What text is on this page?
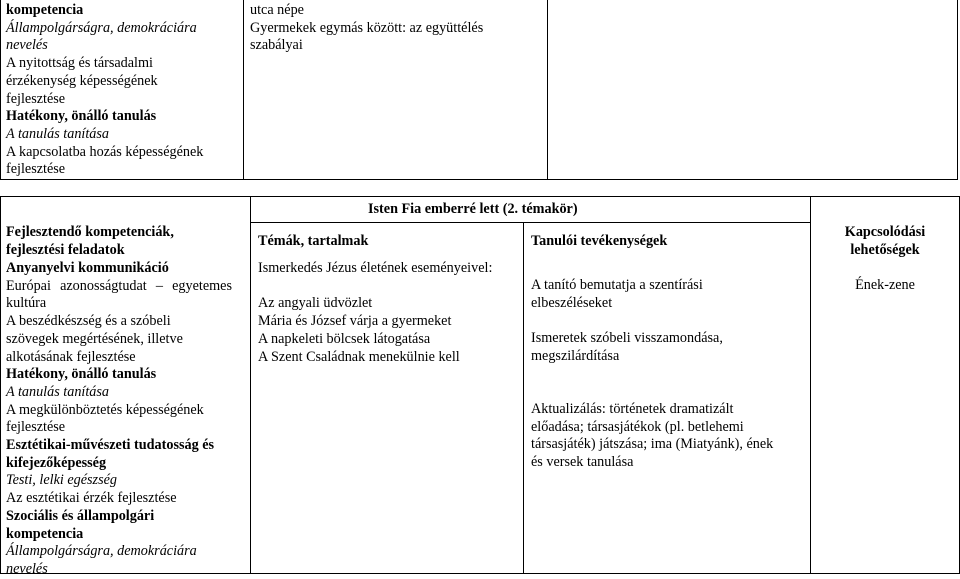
kompetencia
Állampolgárságra, demokráciára
nevelés
A nyitottság és társadalmi
érzékenység képességének
fejlesztése
Hatékony, önálló tanulás
A tanulás tanítása
A kapcsolatba hozás képességének
fejlesztése
utca népe
Gyermekek egymás között: az együttélés
szabályai
Isten Fia emberré lett (2. témakör)
Fejlesztendő kompetenciák,
fejlesztési feladatok
Témák, tartalmak	Tanulói tevékenységek
Kapcsolódási
lehetőségek
Anyanyelvi kommunikáció
Európai azonosságtudat – egyetemes
kultúra
A beszédkészség és a szóbeli
szövegek megértésének, illetve
alkotásának fejlesztése
Hatékony, önálló tanulás
A tanulás tanítása
A megkülönböztetés képességének
fejlesztése
Esztétikai-művészeti tudatosság és
kifejezőképesség
Testi, lelki egészség
Az esztétikai érzék fejlesztése
Szociális és állampolgári
kompetencia
Állampolgárságra, demokráciára
nevelés
Ismerkedés Jézus életének eseményeivel:
Az angyali üdvözlet
Mária és József várja a gyermeket
A napkeleti bölcsek látogatása
A Szent Családnak menekülnie kell
A tanító bemutatja a szentírási
elbeszéléseket
Ismeretek szóbeli visszamondása,
megszilárdítása
Aktualizálás: történetek dramatizált
előadása; társasjátékok (pl. betlehemi
társasjáték) játszása; ima (Miatyánk), ének
és versek tanulása
Ének-zene
